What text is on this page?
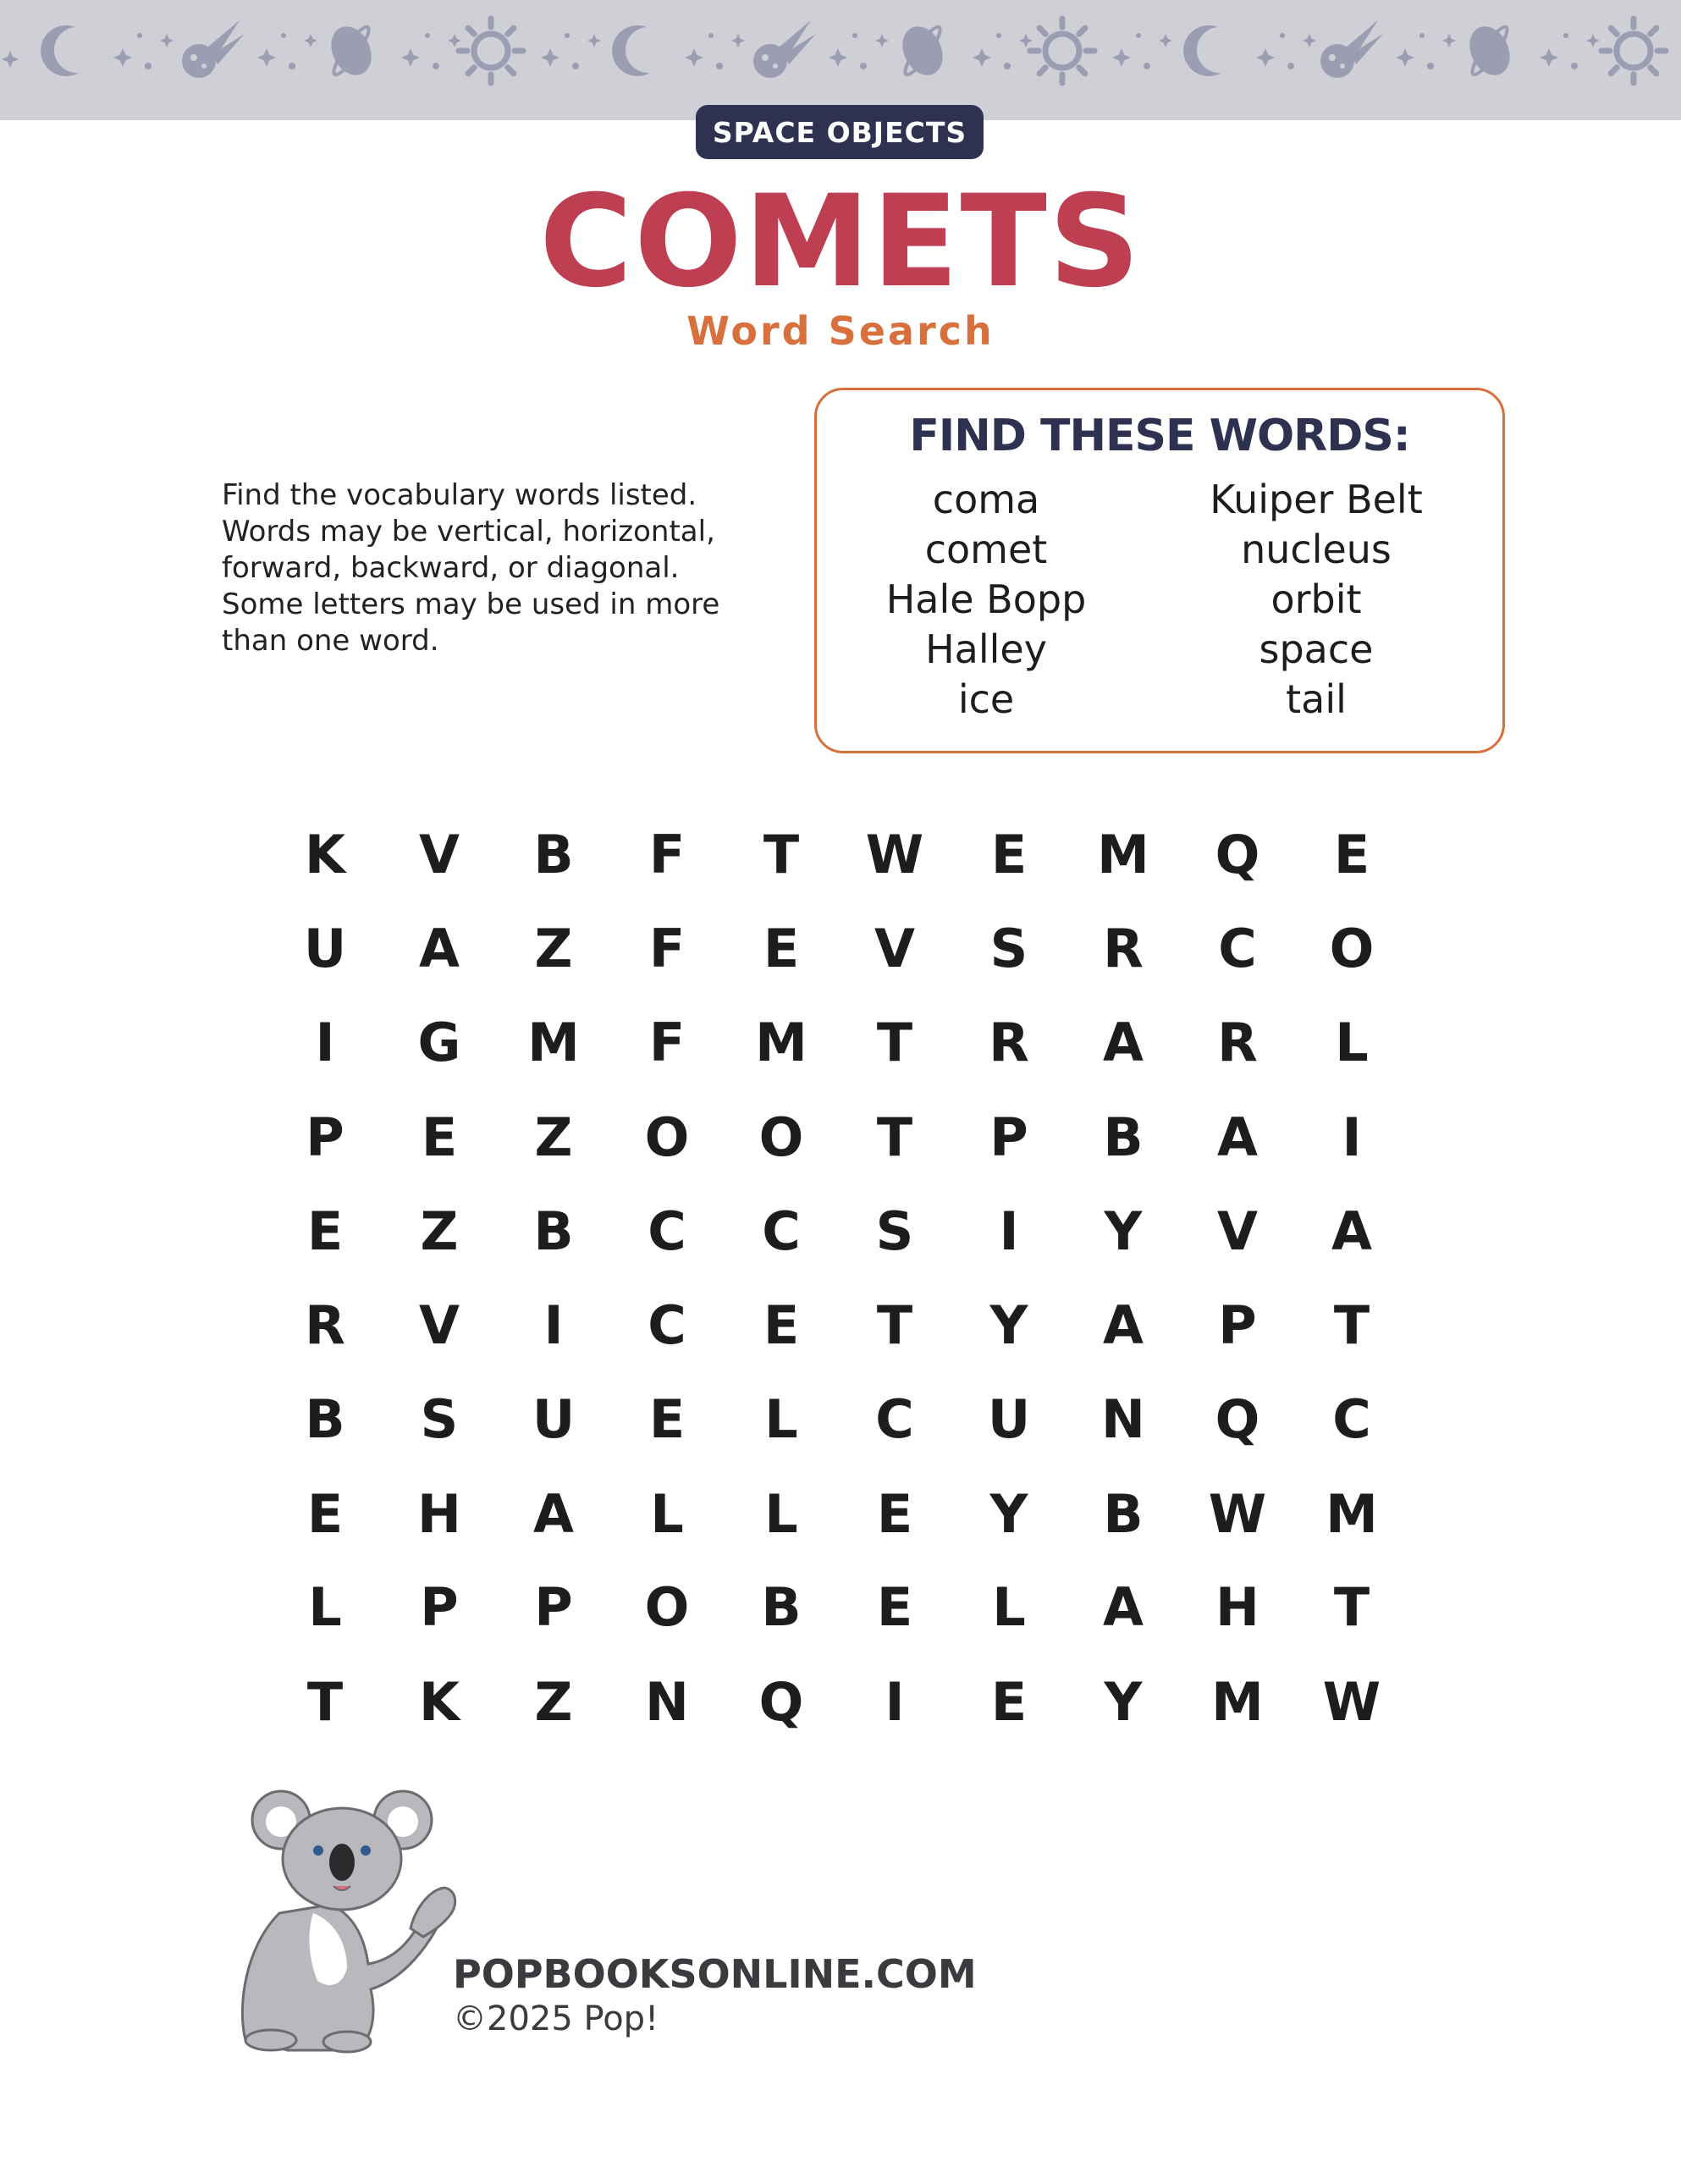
SPACE OBJECTS
COMETS
Word Search
Find the vocabulary words listed.
Words may be vertical, horizontal,
forward, backward, or diagonal.
Some letters may be used in more
than one word.
FIND THESE WORDS:
coma
comet
Hale Bopp
Halley
ice
Kuiper Belt
nucleus
orbit
space
tail
K	V	B	F	T	W	E	M	Q	E
U	A	Z	F	E	V	S	R	C	O
I	G	M	F	M	T	R	A	R	L
P	E	Z	O	O	T	P	B	A	I
E	Z	B	C	C	S	I	Y	V	A
R	V	I	C	E	T	Y	A	P	T
B	S	U	E	L	C	U	N	Q	C
E	H	A	L	L	E	Y	B	W	M
L	P	P	O	B	E	L	A	H	T
T	K	Z	N	Q	I	E	Y	M	W
POPBOOKSONLINE.COM
©2025 Pop!
